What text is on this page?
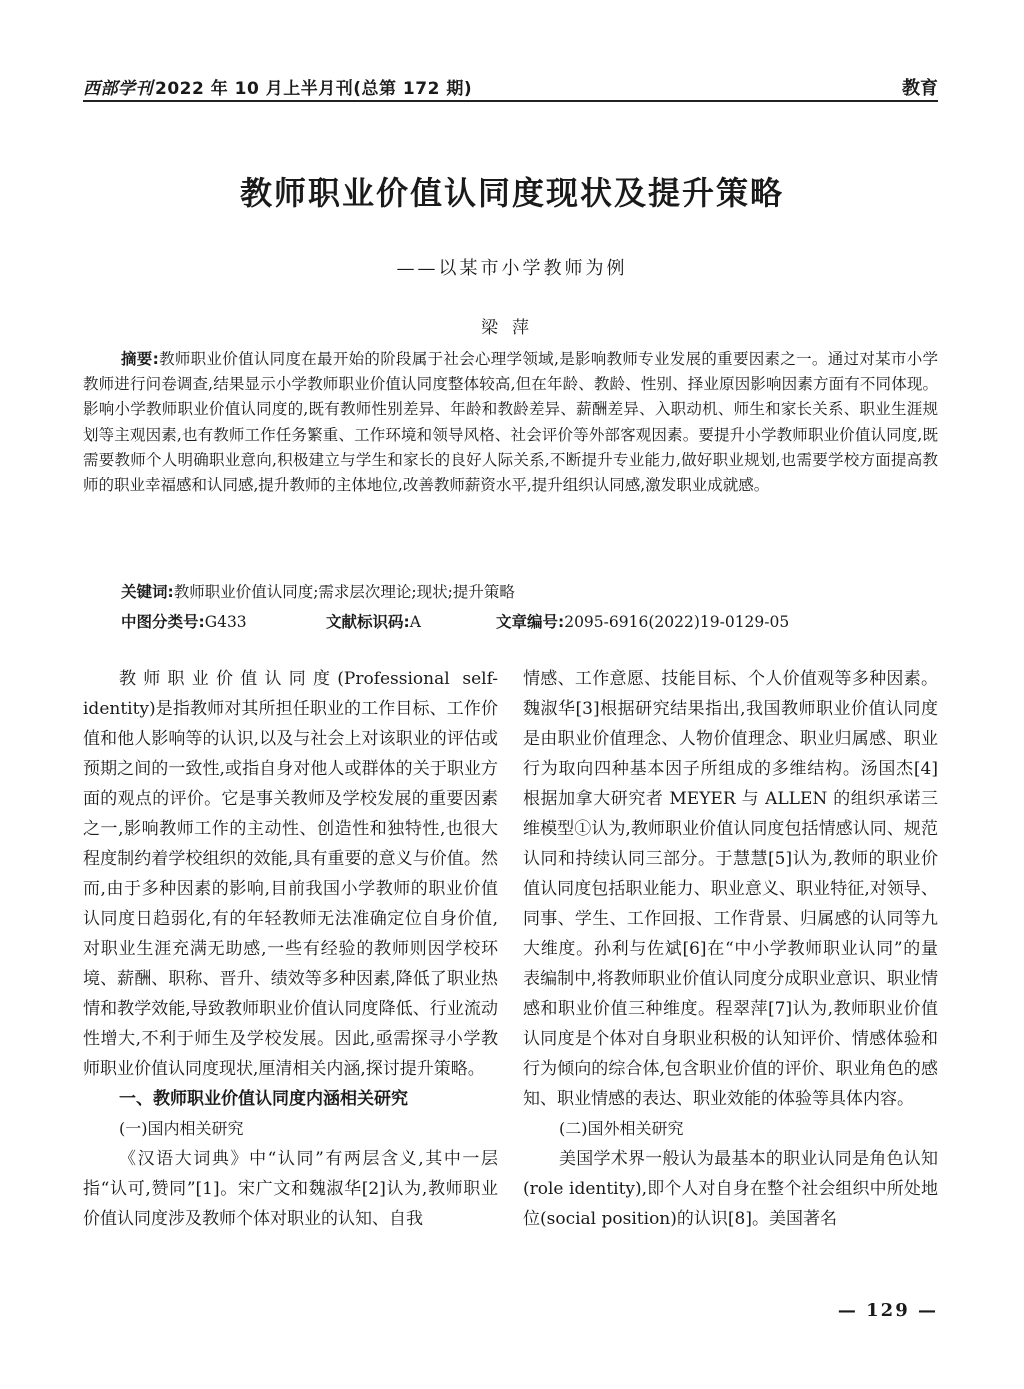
西部学刊 2022 年 10 月上半月刊(总第 172 期)	教育
教师职业价值认同度现状及提升策略
——以某市小学教师为例
梁萍
摘要:教师职业价值认同度在最开始的阶段属于社会心理学领域,是影响教师专业发展的重要因素之一。通过对某市小学教师进行问卷调查,结果显示小学教师职业价值认同度整体较高,但在年龄、教龄、性别、择业原因影响因素方面有不同体现。影响小学教师职业价值认同度的,既有教师性别差异、年龄和教龄差异、薪酬差异、入职动机、师生和家长关系、职业生涯规划等主观因素,也有教师工作任务繁重、工作环境和领导风格、社会评价等外部客观因素。要提升小学教师职业价值认同度,既需要教师个人明确职业意向,积极建立与学生和家长的良好人际关系,不断提升专业能力,做好职业规划,也需要学校方面提高教师的职业幸福感和认同感,提升教师的主体地位,改善教师薪资水平,提升组织认同感,激发职业成就感。
关键词:教师职业价值认同度;需求层次理论;现状;提升策略
中图分类号:G433	文献标识码:A	文章编号:2095-6916(2022)19-0129-05

教师职业价值认同度(Professional self-identity)是指教师对其所担任职业的工作目标、工作价值和他人影响等的认识,以及与社会上对该职业的评估或预期之间的一致性,或指自身对他人或群体的关于职业方面的观点的评价。它是事关教师及学校发展的重要因素之一,影响教师工作的主动性、创造性和独特性,也很大程度制约着学校组织的效能,具有重要的意义与价值。然而,由于多种因素的影响,目前我国小学教师的职业价值认同度日趋弱化,有的年轻教师无法准确定位自身价值,对职业生涯充满无助感,一些有经验的教师则因学校环境、薪酬、职称、晋升、绩效等多种因素,降低了职业热情和教学效能,导致教师职业价值认同度降低、行业流动性增大,不利于师生及学校发展。因此,亟需探寻小学教师职业价值认同度现状,厘清相关内涵,探讨提升策略。

一、教师职业价值认同度内涵相关研究

(一)国内相关研究

《汉语大词典》中“认同”有两层含义,其中一层指“认可,赞同”[1]。宋广文和魏淑华[2]认为,教师职业价值认同度涉及教师个体对职业的认知、自我

情感、工作意愿、技能目标、个人价值观等多种因素。魏淑华[3]根据研究结果指出,我国教师职业价值认同度是由职业价值理念、人物价值理念、职业归属感、职业行为取向四种基本因子所组成的多维结构。汤国杰[4]根据加拿大研究者 MEYER 与 ALLEN 的组织承诺三维模型①认为,教师职业价值认同度包括情感认同、规范认同和持续认同三部分。于慧慧[5]认为,教师的职业价值认同度包括职业能力、职业意义、职业特征,对领导、同事、学生、工作回报、工作背景、归属感的认同等九大维度。孙利与佐斌[6]在“中小学教师职业认同”的量表编制中,将教师职业价值认同度分成职业意识、职业情感和职业价值三种维度。程翠萍[7]认为,教师职业价值认同度是个体对自身职业积极的认知评价、情感体验和行为倾向的综合体,包含职业价值的评价、职业角色的感知、职业情感的表达、职业效能的体验等具体内容。

(二)国外相关研究

美国学术界一般认为最基本的职业认同是角色认知(role identity),即个人对自身在整个社会组织中所处地位(social position)的认识[8]。美国著名

— 129 —
